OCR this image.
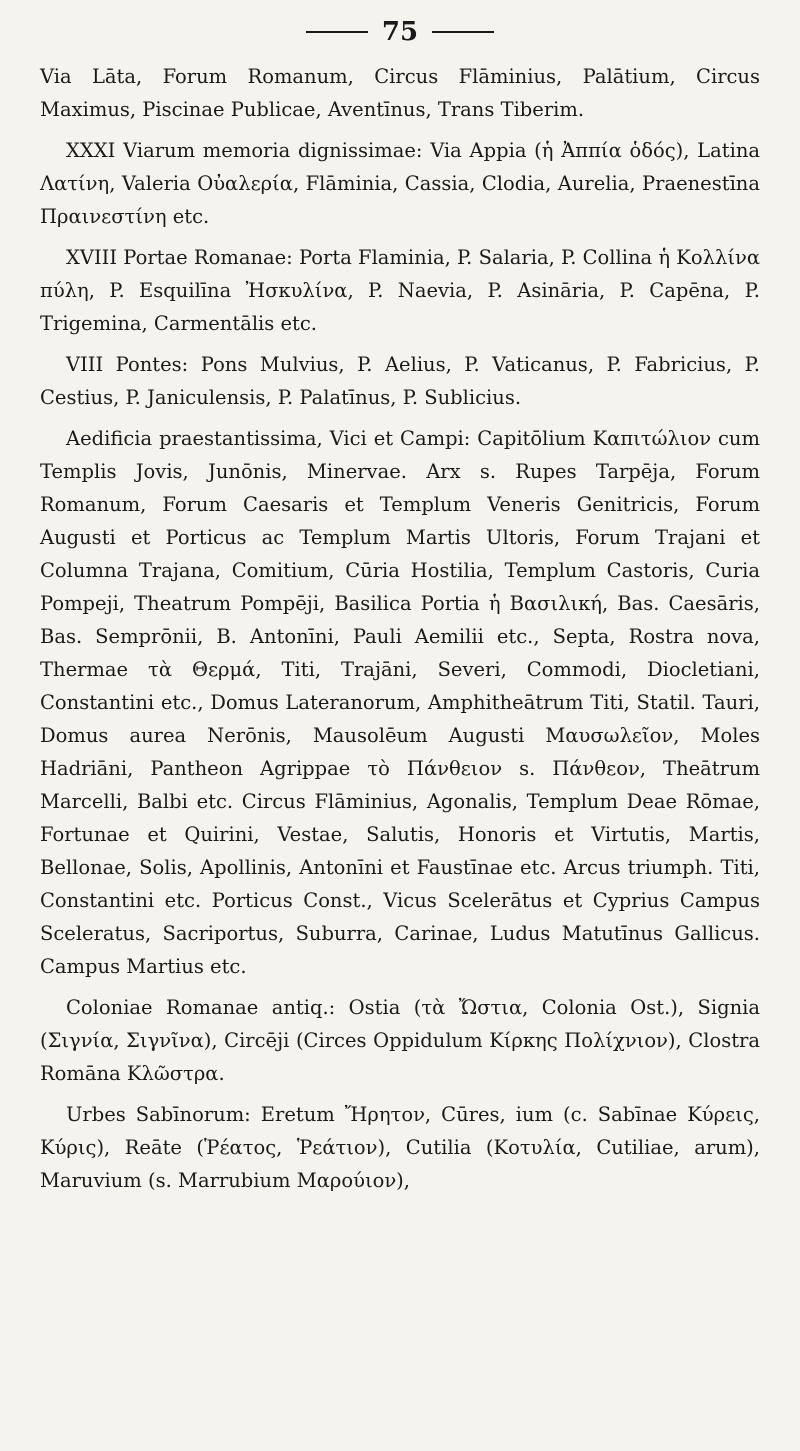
75

Via Lāta, Forum Romanum, Circus Flāminius, Palātium, Circus Maximus, Piscinae Publicae, Aventīnus, Trans Tiberim.

XXXI Viarum memoria dignissimae: Via Appia (ἡ Ἀππία ὁδός), Latina Λατίνη, Valeria Οὐαλερία, Flāminia, Cassia, Clodia, Aurelia, Praenestīna Πραινεστίνη etc.

XVIII Portae Romanae: Porta Flaminia, P. Salaria, P. Collina ἡ Κολλίνα πύλη, P. Esquilīna Ἠσκυλίνα, P. Naevia, P. Asināria, P. Capēna, P. Trigemina, Carmentālis etc.

VIII Pontes: Pons Mulvius, P. Aelius, P. Vaticanus, P. Fabricius, P. Cestius, P. Janiculensis, P. Palatīnus, P. Sublicius.

Aedificia praestantissima, Vici et Campi: Capitōlium Καπιτώλιον cum Templis Jovis, Junōnis, Minervae. Arx s. Rupes Tarpēja, Forum Romanum, Forum Caesaris et Templum Veneris Genitricis, Forum Augusti et Porticus ac Templum Martis Ultoris, Forum Trajani et Columna Trajana, Comitium, Cūria Hostilia, Templum Castoris, Curia Pompeji, Theatrum Pompēji, Basilica Portia ἡ Βασιλική, Bas. Caesāris, Bas. Semprōnii, B. Antonīni, Pauli Aemilii etc., Septa, Rostra nova, Thermae τὰ Θερμά, Titi, Trajāni, Severi, Commodi, Diocletiani, Constantini etc., Domus Lateranorum, Amphitheātrum Titi, Statil. Tauri, Domus aurea Nerōnis, Mausolēum Augusti Μαυσωλεῖον, Moles Hadriāni, Pantheon Agrippae τὸ Πάνθειον s. Πάνθεον, Theātrum Marcelli, Balbi etc. Circus Flāminius, Agonalis, Templum Deae Rōmae, Fortunae et Quirini, Vestae, Salutis, Honoris et Virtutis, Martis, Bellonae, Solis, Apollinis, Antonīni et Faustīnae etc. Arcus triumph. Titi, Constantini etc. Porticus Const., Vicus Scelerātus et Cyprius Campus Sceleratus, Sacriportus, Suburra, Carinae, Ludus Matutīnus Gallicus. Campus Martius etc.

Coloniae Romanae antiq.: Ostia (τὰ Ὤστια, Colonia Ost.), Signia (Σιγνία, Σιγνῖνα), Circēji (Circes Oppidulum Κίρκης Πολίχνιον), Clostra Romāna Κλῶστρα.

Urbes Sabīnorum: Eretum Ἤρητον, Cūres, ium (c. Sabīnae Κύρεις, Κύρις), Reāte (Ῥέατος, Ῥεάτιον), Cutilia (Κοτυλία, Cutiliae, arum), Maruvium (s. Marrubium Μαρούιον),
